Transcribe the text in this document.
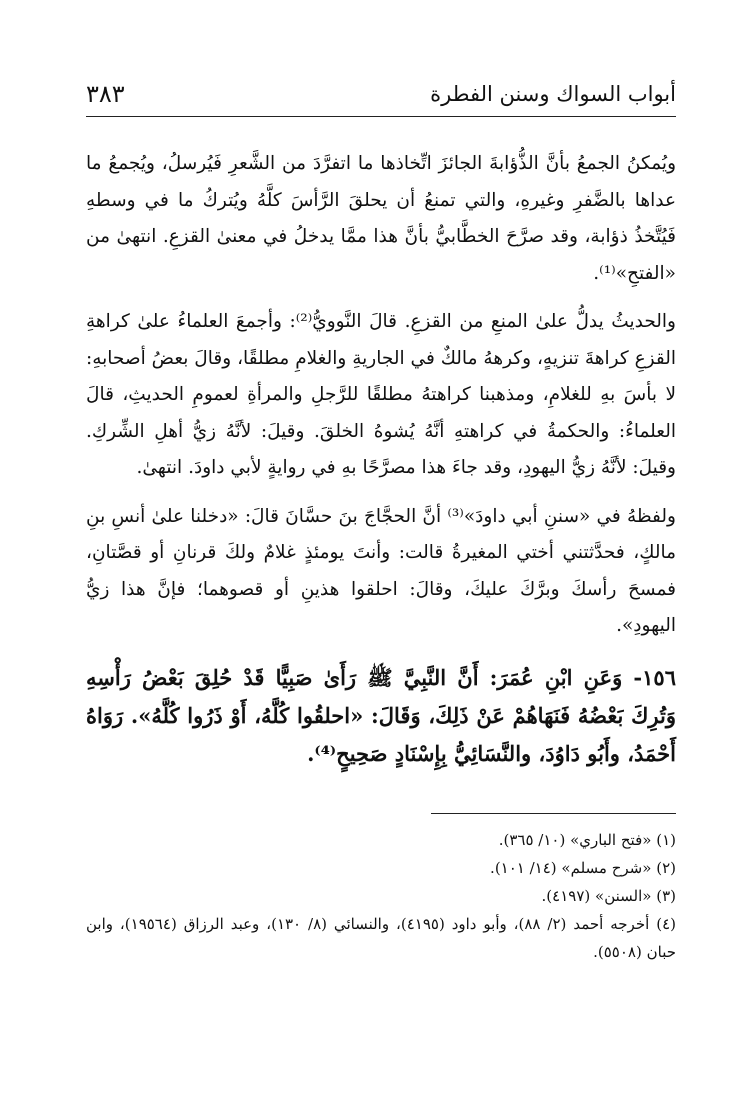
أبواب السواك وسنن الفطرة
٣٨٣

ويُمكنُ الجمعُ بأنَّ الذُّؤابةَ الجائزَ اتِّخاذها ما اتفرَّدَ من الشَّعرِ فَيُرسلُ، ويُجمعُ ما عداها بالضَّفرِ وغيرهِ، والتي تمنعُ أن يحلقَ الرَّأسَ كلَّهُ ويُتركُ ما في وسطهِ فَيُتَّخذُ ذؤابة، وقد صرَّحَ الخطَّابيُّ بأنَّ هذا ممَّا يدخلُ في معنىٰ القزعِ. انتهىٰ من «الفتحِ»⁽¹⁾.

والحديثُ يدلُّ علىٰ المنعِ من القزعِ. قالَ النَّوويُّ⁽²⁾: وأجمعَ العلماءُ علىٰ كراهةِ القزعِ كراهةَ تنزيهٍ، وكرههُ مالكٌ في الجاريةِ والغلامِ مطلقًا، وقالَ بعضُ أصحابهِ: لا بأسَ بهِ للغلامِ، ومذهبنا كراهتهُ مطلقًا للرَّجلِ والمرأةِ لعمومِ الحديثِ، قالَ العلماءُ: والحكمةُ في كراهتهِ أنَّهُ يُشوهُ الخلقَ. وقيلَ: لأنَّهُ زيُّ أهلِ الشِّركِ. وقيلَ: لأنَّهُ زيُّ اليهودِ، وقد جاءَ هذا مصرَّحًا بهِ في روايةٍ لأبي داودَ. انتهىٰ.

ولفظهُ في «سننِ أبي داودَ»⁽³⁾ أنَّ الحجَّاجَ بنَ حسَّانَ قالَ: «دخلنا علىٰ أنسِ بنِ مالكٍ، فحدَّثتني أختي المغيرةُ قالت: وأنتَ يومئذٍ غلامٌ ولكَ قرنانِ أو قصَّتانِ، فمسحَ رأسكَ وبرَّكَ عليكَ، وقالَ: احلقوا هذينِ أو قصوهما؛ فإنَّ هذا زيُّ اليهودِ».

١٥٦- وَعَنِ ابْنِ عُمَرَ: أَنَّ النَّبِيَّ ﷺ رَأَىٰ صَبِيًّا قَدْ حُلِقَ بَعْضُ رَأْسِهِ وَتُرِكَ بَعْضُهُ فَنَهَاهُمْ عَنْ ذَلِكَ، وَقَالَ: «احلقُوا كُلَّهُ، أَوْ ذَرُوا كُلَّهُ». رَوَاهُ أَحْمَدُ، وأَبُو دَاوُدَ، والنَّسَائِيُّ بِإِسْنَادٍ صَحِيحٍ⁽⁴⁾.

(١) «فتح الباري» (١٠/ ٣٦٥).

(٢) «شرح مسلم» (١٤/ ١٠١).

(٣) «السنن» (٤١٩٧).

(٤) أخرجه أحمد (٢/ ٨٨)، وأبو داود (٤١٩٥)، والنسائي (٨/ ١٣٠)، وعبد الرزاق (١٩٥٦٤)، وابن حبان (٥٥٠٨).
